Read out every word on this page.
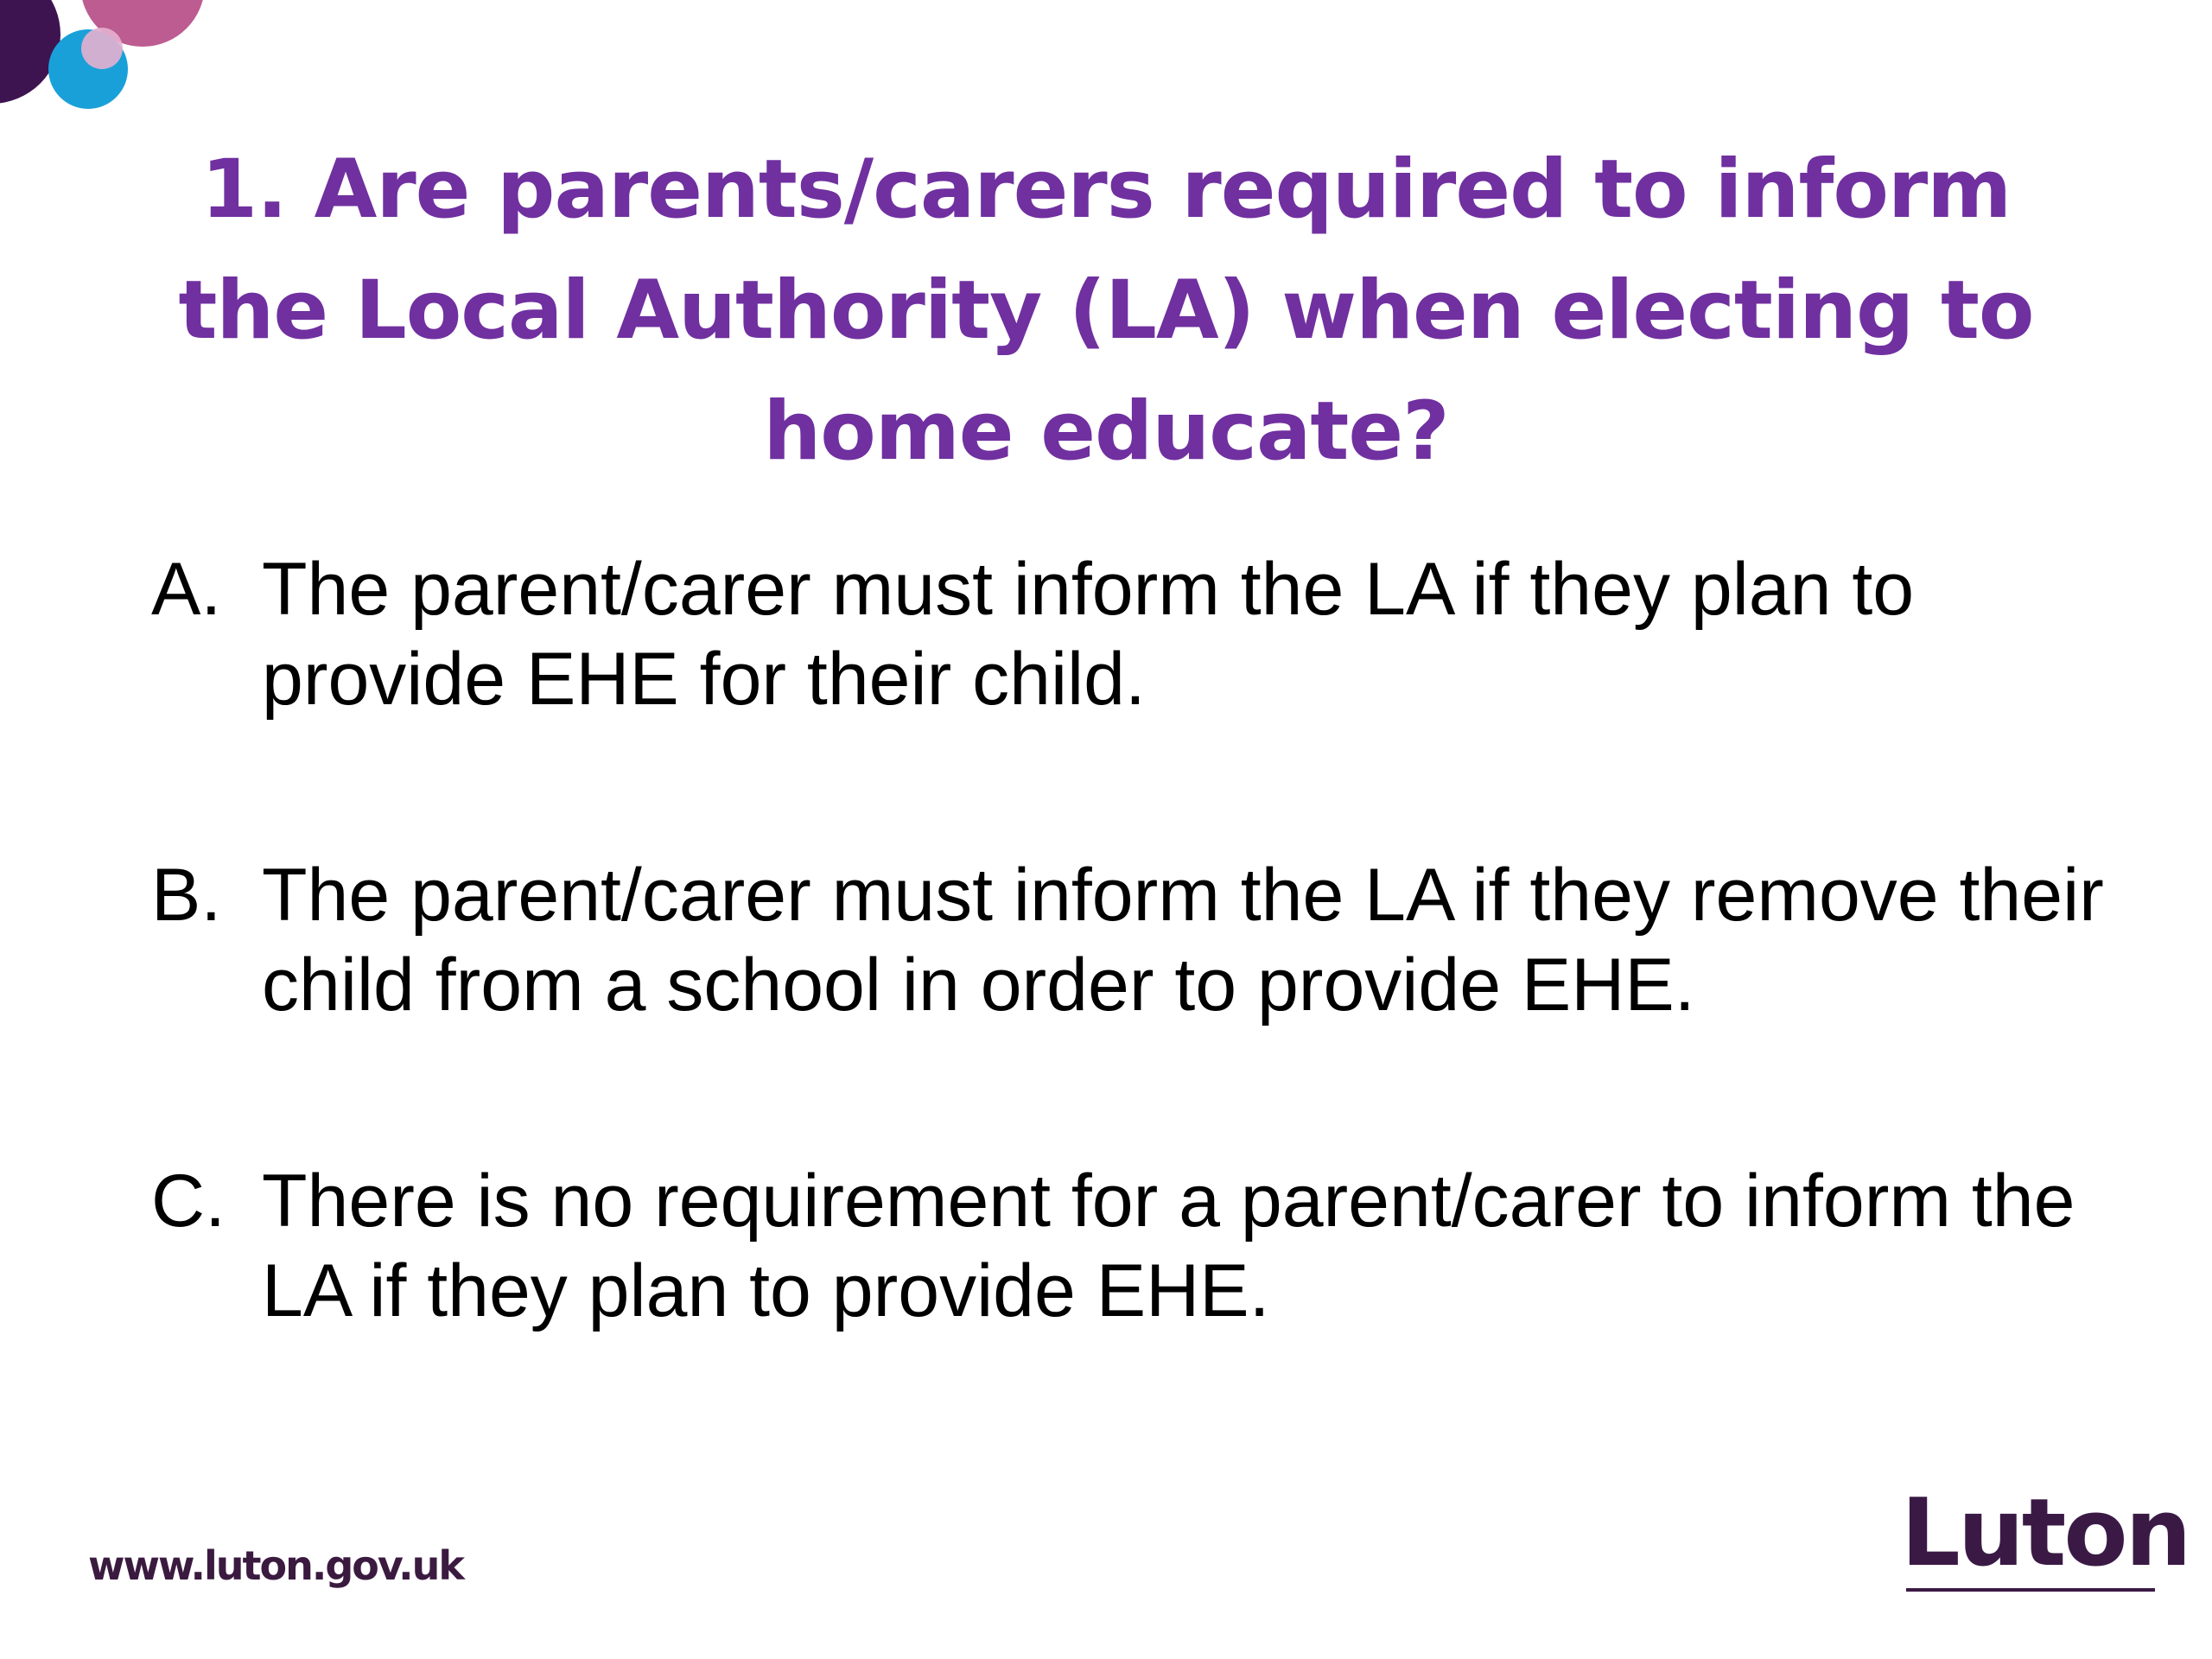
1. Are parents/carers required to inform the Local Authority (LA) when electing to home educate?
A. The parent/carer must inform the LA if they plan to provide EHE for their child.
B. The parent/carer must inform the LA if they remove their child from a school in order to provide EHE.
C. There is no requirement for a parent/carer to inform the LA if they plan to provide EHE.
www.luton.gov.uk	Luton
